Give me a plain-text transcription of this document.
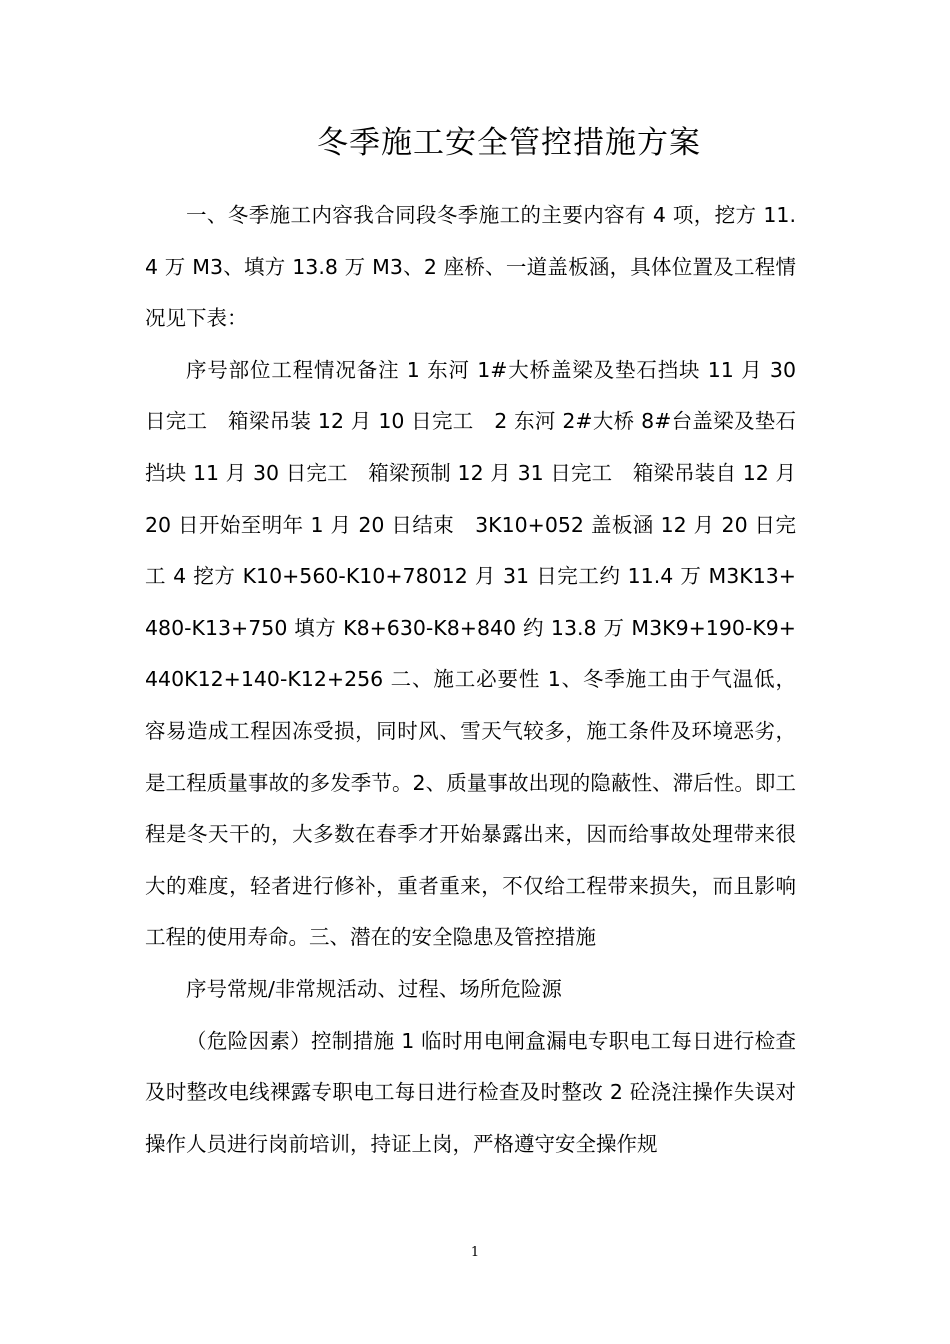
冬季施工安全管控措施方案

一、冬季施工内容我合同段冬季施工的主要内容有 4 项，挖方 11.4 万 M3、填方 13.8 万 M3、2 座桥、一道盖板涵，具体位置及工程情况见下表：

序号部位工程情况备注 1 东河 1#大桥盖梁及垫石挡块 11 月 30 日完工　箱梁吊装 12 月 10 日完工　2 东河 2#大桥 8#台盖梁及垫石挡块 11 月 30 日完工　箱梁预制 12 月 31 日完工　箱梁吊装自 12 月 20 日开始至明年 1 月 20 日结束　3K10+052 盖板涵 12 月 20 日完工 4 挖方 K10+560-K10+78012 月 31 日完工约 11.4 万 M3K13+480-K13+750 填方 K8+630-K8+840 约 13.8 万 M3K9+190-K9+440K12+140-K12+256 二、施工必要性 1、冬季施工由于气温低，容易造成工程因冻受损，同时风、雪天气较多，施工条件及环境恶劣，是工程质量事故的多发季节。2、质量事故出现的隐蔽性、滞后性。即工程是冬天干的，大多数在春季才开始暴露出来，因而给事故处理带来很大的难度，轻者进行修补，重者重来，不仅给工程带来损失，而且影响工程的使用寿命。三、潜在的安全隐患及管控措施

序号常规/非常规活动、过程、场所危险源

（危险因素）控制措施 1 临时用电闸盒漏电专职电工每日进行检查及时整改电线裸露专职电工每日进行检查及时整改 2 砼浇注操作失误对操作人员进行岗前培训，持证上岗，严格遵守安全操作规

1
